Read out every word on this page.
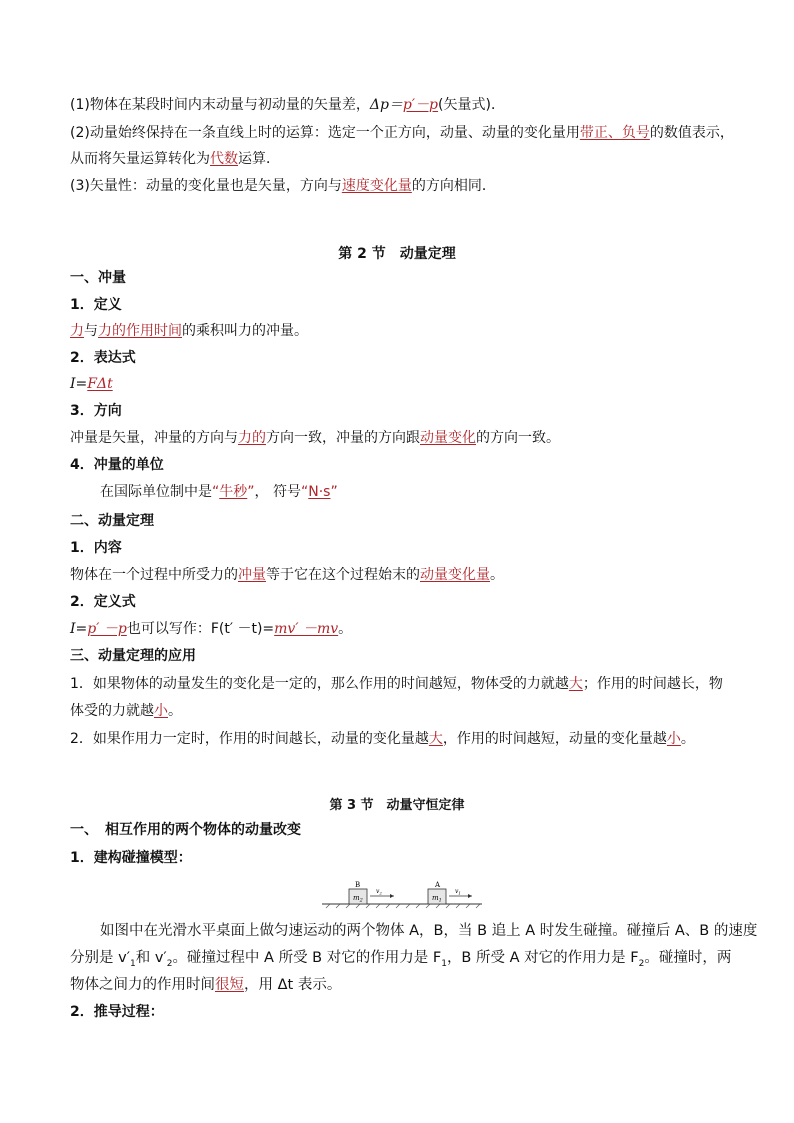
(1)物体在某段时间内末动量与初动量的矢量差，Δp＝p′－p(矢量式)．
(2)动量始终保持在一条直线上时的运算：选定一个正方向，动量、动量的变化量用带正、负号的数值表示，
从而将矢量运算转化为代数运算．
(3)矢量性：动量的变化量也是矢量，方向与速度变化量的方向相同．
第 2 节　动量定理
一、冲量
1．定义
力与力的作用时间的乘积叫力的冲量。
2．表达式
I=FΔt
3．方向
冲量是矢量，冲量的方向与力的方向一致，冲量的方向跟动量变化的方向一致。
4．冲量的单位
在国际单位制中是“牛秒”， 符号“N·s”
二、动量定理
1．内容
物体在一个过程中所受力的冲量等于它在这个过程始末的动量变化量。
2．定义式
I=p′ －p也可以写作：F(t′ －t)=mv′ －mv。
三、动量定理的应用
1．如果物体的动量发生的变化是一定的，那么作用的时间越短，物体受的力就越大；作用的时间越长，物
体受的力就越小。
2．如果作用力一定时，作用的时间越长，动量的变化量越大，作用的时间越短，动量的变化量越小。
第 3 节　动量守恒定律
一、　相互作用的两个物体的动量改变
1．建构碰撞模型：
B
$m_2$
$v_2$
A
$m_1$
$v_1$
如图中在光滑水平桌面上做匀速运动的两个物体 A，B，当 B 追上 A 时发生碰撞。碰撞后 A、B 的速度
分别是 $v'_1$和 $v'_2$。碰撞过程中 A 所受 B 对它的作用力是 $F_1$，B 所受 A 对它的作用力是 $F_2$。碰撞时，两
物体之间力的作用时间很短，用 Δt 表示。
2．推导过程：
